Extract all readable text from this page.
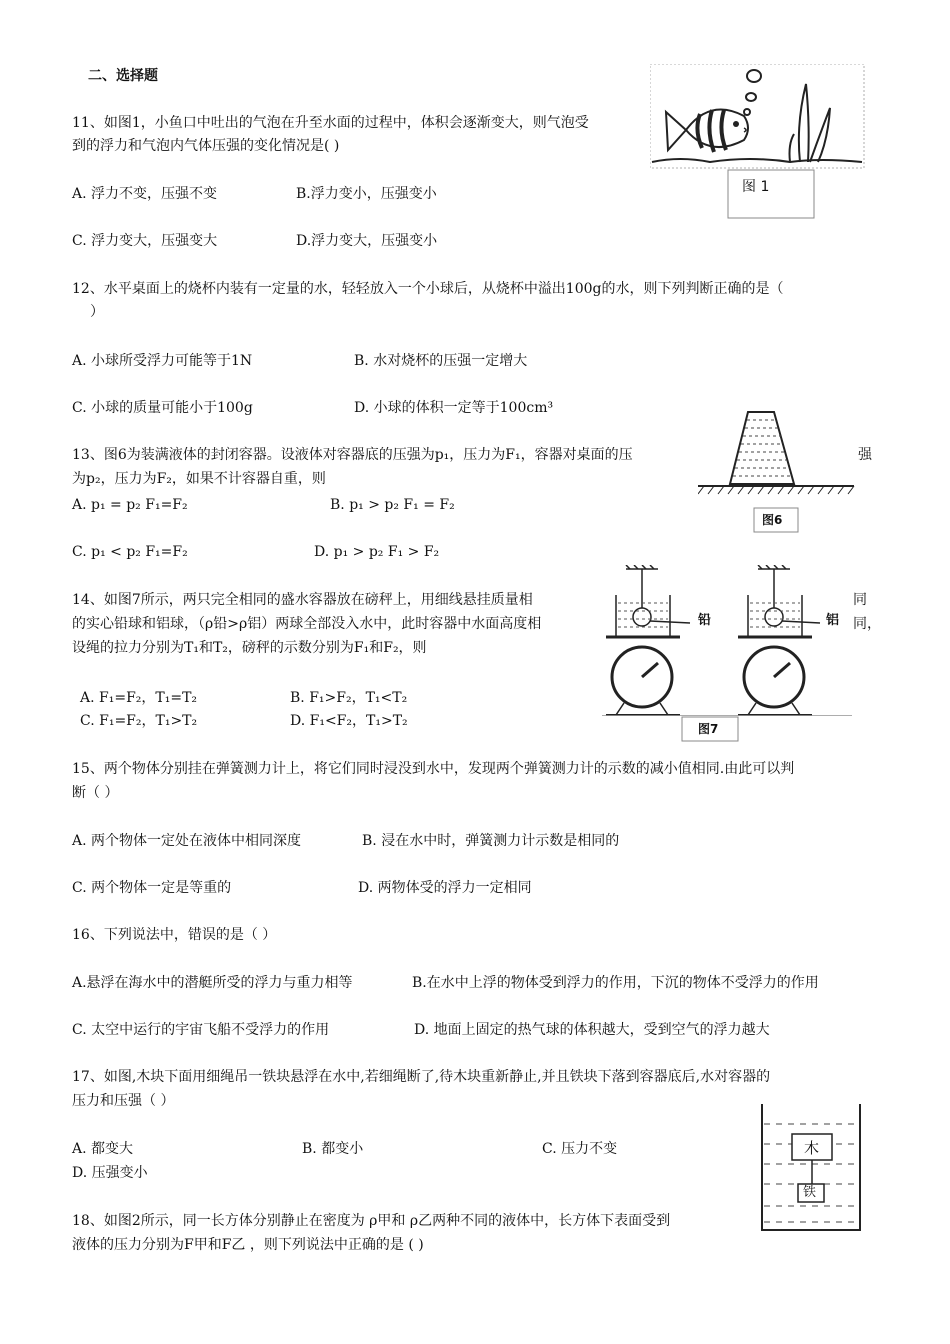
二、选择题
11、如图1，小鱼口中吐出的气泡在升至水面的过程中，体积会逐渐变大，则气泡受
到的浮力和气泡内气体压强的变化情况是( )
A. 浮力不变，压强不变	B.浮力变小，压强变小
C. 浮力变大，压强变大	D.浮力变大，压强变小
图 1
12、水平桌面上的烧杯内装有一定量的水，轻轻放入一个小球后，从烧杯中溢出100g的水，则下列判断正确的是（
）
A. 小球所受浮力可能等于1N	B. 水对烧杯的压强一定增大
C. 小球的质量可能小于100g	D. 小球的体积一定等于100cm³
13、图6为装满液体的封闭容器。设液体对容器底的压强为p₁，压力为F₁，容器对桌面的压	强
为p₂，压力为F₂，如果不计容器自重，则
A. p₁ = p₂ F₁=F₂	B. p₁ > p₂ F₁ = F₂
C. p₁ < p₂ F₁=F₂	D. p₁ > p₂ F₁ > F₂
图6
14、如图7所示，两只完全相同的盛水容器放在磅秤上，用细线悬挂质量相	同
的实心铅球和铝球，（ρ铅>ρ铝）两球全部没入水中，此时容器中水面高度相	同，
设绳的拉力分别为T₁和T₂，磅秤的示数分别为F₁和F₂，则
A. F₁=F₂，T₁=T₂	B. F₁>F₂，T₁<T₂
C. F₁=F₂，T₁>T₂	D. F₁<F₂，T₁>T₂	图7
铅	铝
15、两个物体分别挂在弹簧测力计上，将它们同时浸没到水中，发现两个弹簧测力计的示数的减小值相同.由此可以判
断（ ）
A. 两个物体一定处在液体中相同深度	B. 浸在水中时，弹簧测力计示数是相同的
C. 两个物体一定是等重的	D. 两物体受的浮力一定相同
16、下列说法中，错误的是（ ）
A.悬浮在海水中的潜艇所受的浮力与重力相等	B.在水中上浮的物体受到浮力的作用，下沉的物体不受浮力的作用
C. 太空中运行的宇宙飞船不受浮力的作用	D. 地面上固定的热气球的体积越大，受到空气的浮力越大
17、如图,木块下面用细绳吊一铁块悬浮在水中,若细绳断了,待木块重新静止,并且铁块下落到容器底后,水对容器的
压力和压强（ ）
A. 都变大	B. 都变小	C. 压力不变
D. 压强变小
木
铁
18、如图2所示，同一长方体分别静止在密度为 ρ甲和 ρ乙两种不同的液体中，长方体下表面受到
液体的压力分别为F甲和F乙 ，则下列说法中正确的是 ( )
